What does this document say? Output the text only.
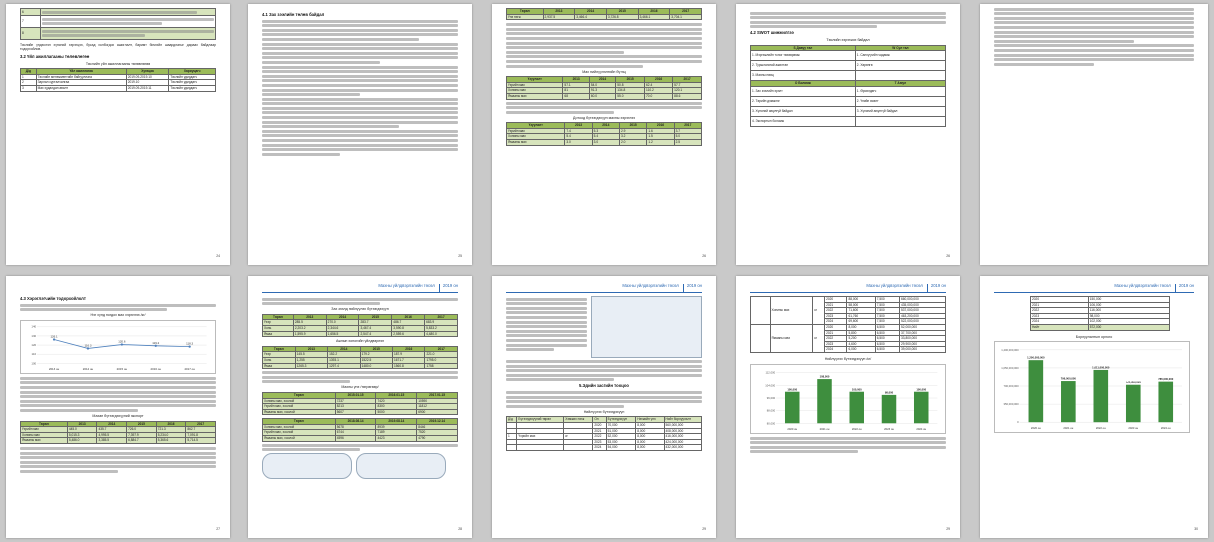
6	

7	

8	
Төслийн үндэслэл хүнсний хэрэгцээ, бусад холбогдох ашиглалт, баримт бичгийн шаардлагыг дараах байдлаар тодорхойлов.
3.2 Үйл ажиллагааны төлөвлөгөө
Төслийн үйл ажиллагааны төлөвлөгөө
Д/д	Үйл ажиллагаа	Хугацаа	Хариуцагч
1	Төслийн менежментийн байгууллага	2019.09-2019.10	Төслийн удирдагч
2	Зарлал сурталчилгаа	2019.10	Төслийн удирдагч
3	Мах худалдан авалт	2019.09-2019.11	Төслийн удирдагч
24
4.1 Зах зээлийн төлөв байдал
25
Төрөл	2013	2014	2015	2016	2017
Үнэ нэгж	2,937.5	3,466.4	3,726.8	3,466.1	3,704.1
Мах нийлүүлэлтийн бүтэц
Үзүүлэлт	2013	2014	2015	2016	2017
Үхрийн мах	57.1	54.0	50.8	62.4	57.7
Хонины мах	81	91.3	134.8	110.2	120.1
Ямааны мах	68	60.0	55.0	70.0	88.6
Дотоод бүтээгдэхүүн махны хэрэглээ
Үзүүлэлт	2013	2014	2015	2016	2017
Үхрийн мах	7.4	5.3	2.9	1.6	3.7
Хонины мах	5.4	5.4	3.2	1.5	5.0
Ямааны мах	3.0	3.0	2.0	1.2	2.5
26
4.2 SWOT шинжилгээ
Төслийн хэрэгжих байдал
S Давуу тал	W Сул тал
1. Мэргэжлийн тоног төхөөрөмж	1. Санхүүгийн чадамж
2. Туршлагатай ажилтан	2. Хөрөнгө
3. Махны нөөц	
O Боломж	T Аюул
1. Зах зээлийн эрэлт	1. Өрсөлдөгч
2. Төрийн дэмжлэг	2. Үнийн өсөлт
3. Хүнсний аюулгүй байдал	3. Хүнсний аюулгүй байдал
4. Экспортын боломж	
26
4.3 Хэрэглэгчийн тодорхойлолт
Нэг хүнд ногдох мах хэрэглээ /кг/
100
110
120
130
140
126.1
2013 он
116.3
2014 он
120.6
2015 он
119.2
2016 он
118.3
2017 он
Махан бүтээгдэхүүний экспорт
Төрөл	2013	2014	2015	2016	2017
Үхрийн мах	445.0	435.7	726.0	721.3	862.7
Хонины мах	5,015.3	4,995.5	7,397.9	5,234.0	7,091.8
Ямааны мах	5,486.0	3,385.5	6,884.7	5,365.6	5,714.5
27
Махны үйлдвэрлэлийн төсөл	2019 он
Зах зээлд нийлүүлэх бүтээгдэхүүн
Төрөл	2013	2014	2015	2016	2017
Үхэр	285.5	270.0	283.7	486.7	683.9
Хонь	2,203.2	2,344.6	3,467.4	3,590.8	5,833.2
Ямаа	1,595.9	1,656.5	2,547.4	2,559.6	4,480.0
Ажлын хоногийн үйлдвэрлэл
Төрөл	2013	2014	2015	2016	2017
Үхэр	145.5	152.2	179.2	187.9	221.0
Хонь	1,255	1393.1	1522.5	1671.7	1795.0
Ямаа	1265.3	1297.4	1480.0	1560.8	1758
Махны үнэ /төгрөгөөр/
Төрөл	2015.01.15	2016.01.15	2017.01.15
Хонины мах, хоолой	7237	7420	10590
Үхрийн мах, хоолой	8213	8300	11812
Ямааны мах, хоолой	5607	5000	6900
Төрөл	2018.08.14	2019.08.14	2019.12.14
Хонины мах, хоолой	5678	8939	8446
Үхрийн мах, хоолой	6744	7189	7520
Ямааны мах, хоолой	4596	4423	4790
28
Махны үйлдвэрлэлийн төсөл	2019 он
5.Эдийн засгийн тооцоо
Нийлүүлэх бүтээгдэхүүн
Д/д	Бүтээгдэхүүний төрөл	Хэмжих нэгж	Он	Бүтээгдэхүүн	Нэгжийн үнэ	Нийт борлуулалт
			2020	70,000	8,000	560,000,000
			2021	51,000	8,000	408,000,000
1	Үхрийн мах	кг	2022	52,000	8,000	416,000,000
			2023	53,000	8,000	424,000,000
			2024	54,000	8,000	432,000,000
29
Махны үйлдвэрлэлийн төсөл	2019 он
	Хонины мах	кг	2020	88,000	7,500	660,000,000
			2021	58,000	7,500	435,000,000
			2022	71,600	7,500	537,000,000
			2023	61,760	7,500	463,200,000
			2024	69,600	7,500	522,000,000
	Ямааны мах	кг	2020	8,000	6,500	52,000,000
			2021	5,800	6,500	37,700,000
			2022	5,200	6,500	33,800,000
			2023	4,600	6,500	29,900,000
			2024	6,000	6,500	39,000,000
Нийлүүлэх бүтээгдэхүүн /кг/
80,000
88,000
96,000
104,000
112,000
100,000
2020 он
108,000
2021 он
100,000
2022 он
98,000
2023 он
100,000
2024 он
29
Махны үйлдвэрлэлийн төсөл	2019 он
2020	150,000
2021	106,000
2022	116,000
2023	98,000
2024	102,000
Нийт	572,000
Борлуулалтын орлого
0
350,000,000
700,000,000
1,050,000,000
1,400,000,000
1,200,000,000
2020 он
796,000,000
2021 он
1,011,000,000
2022 он
725,000,000
2023 он
785,000,000
2024 он
30
